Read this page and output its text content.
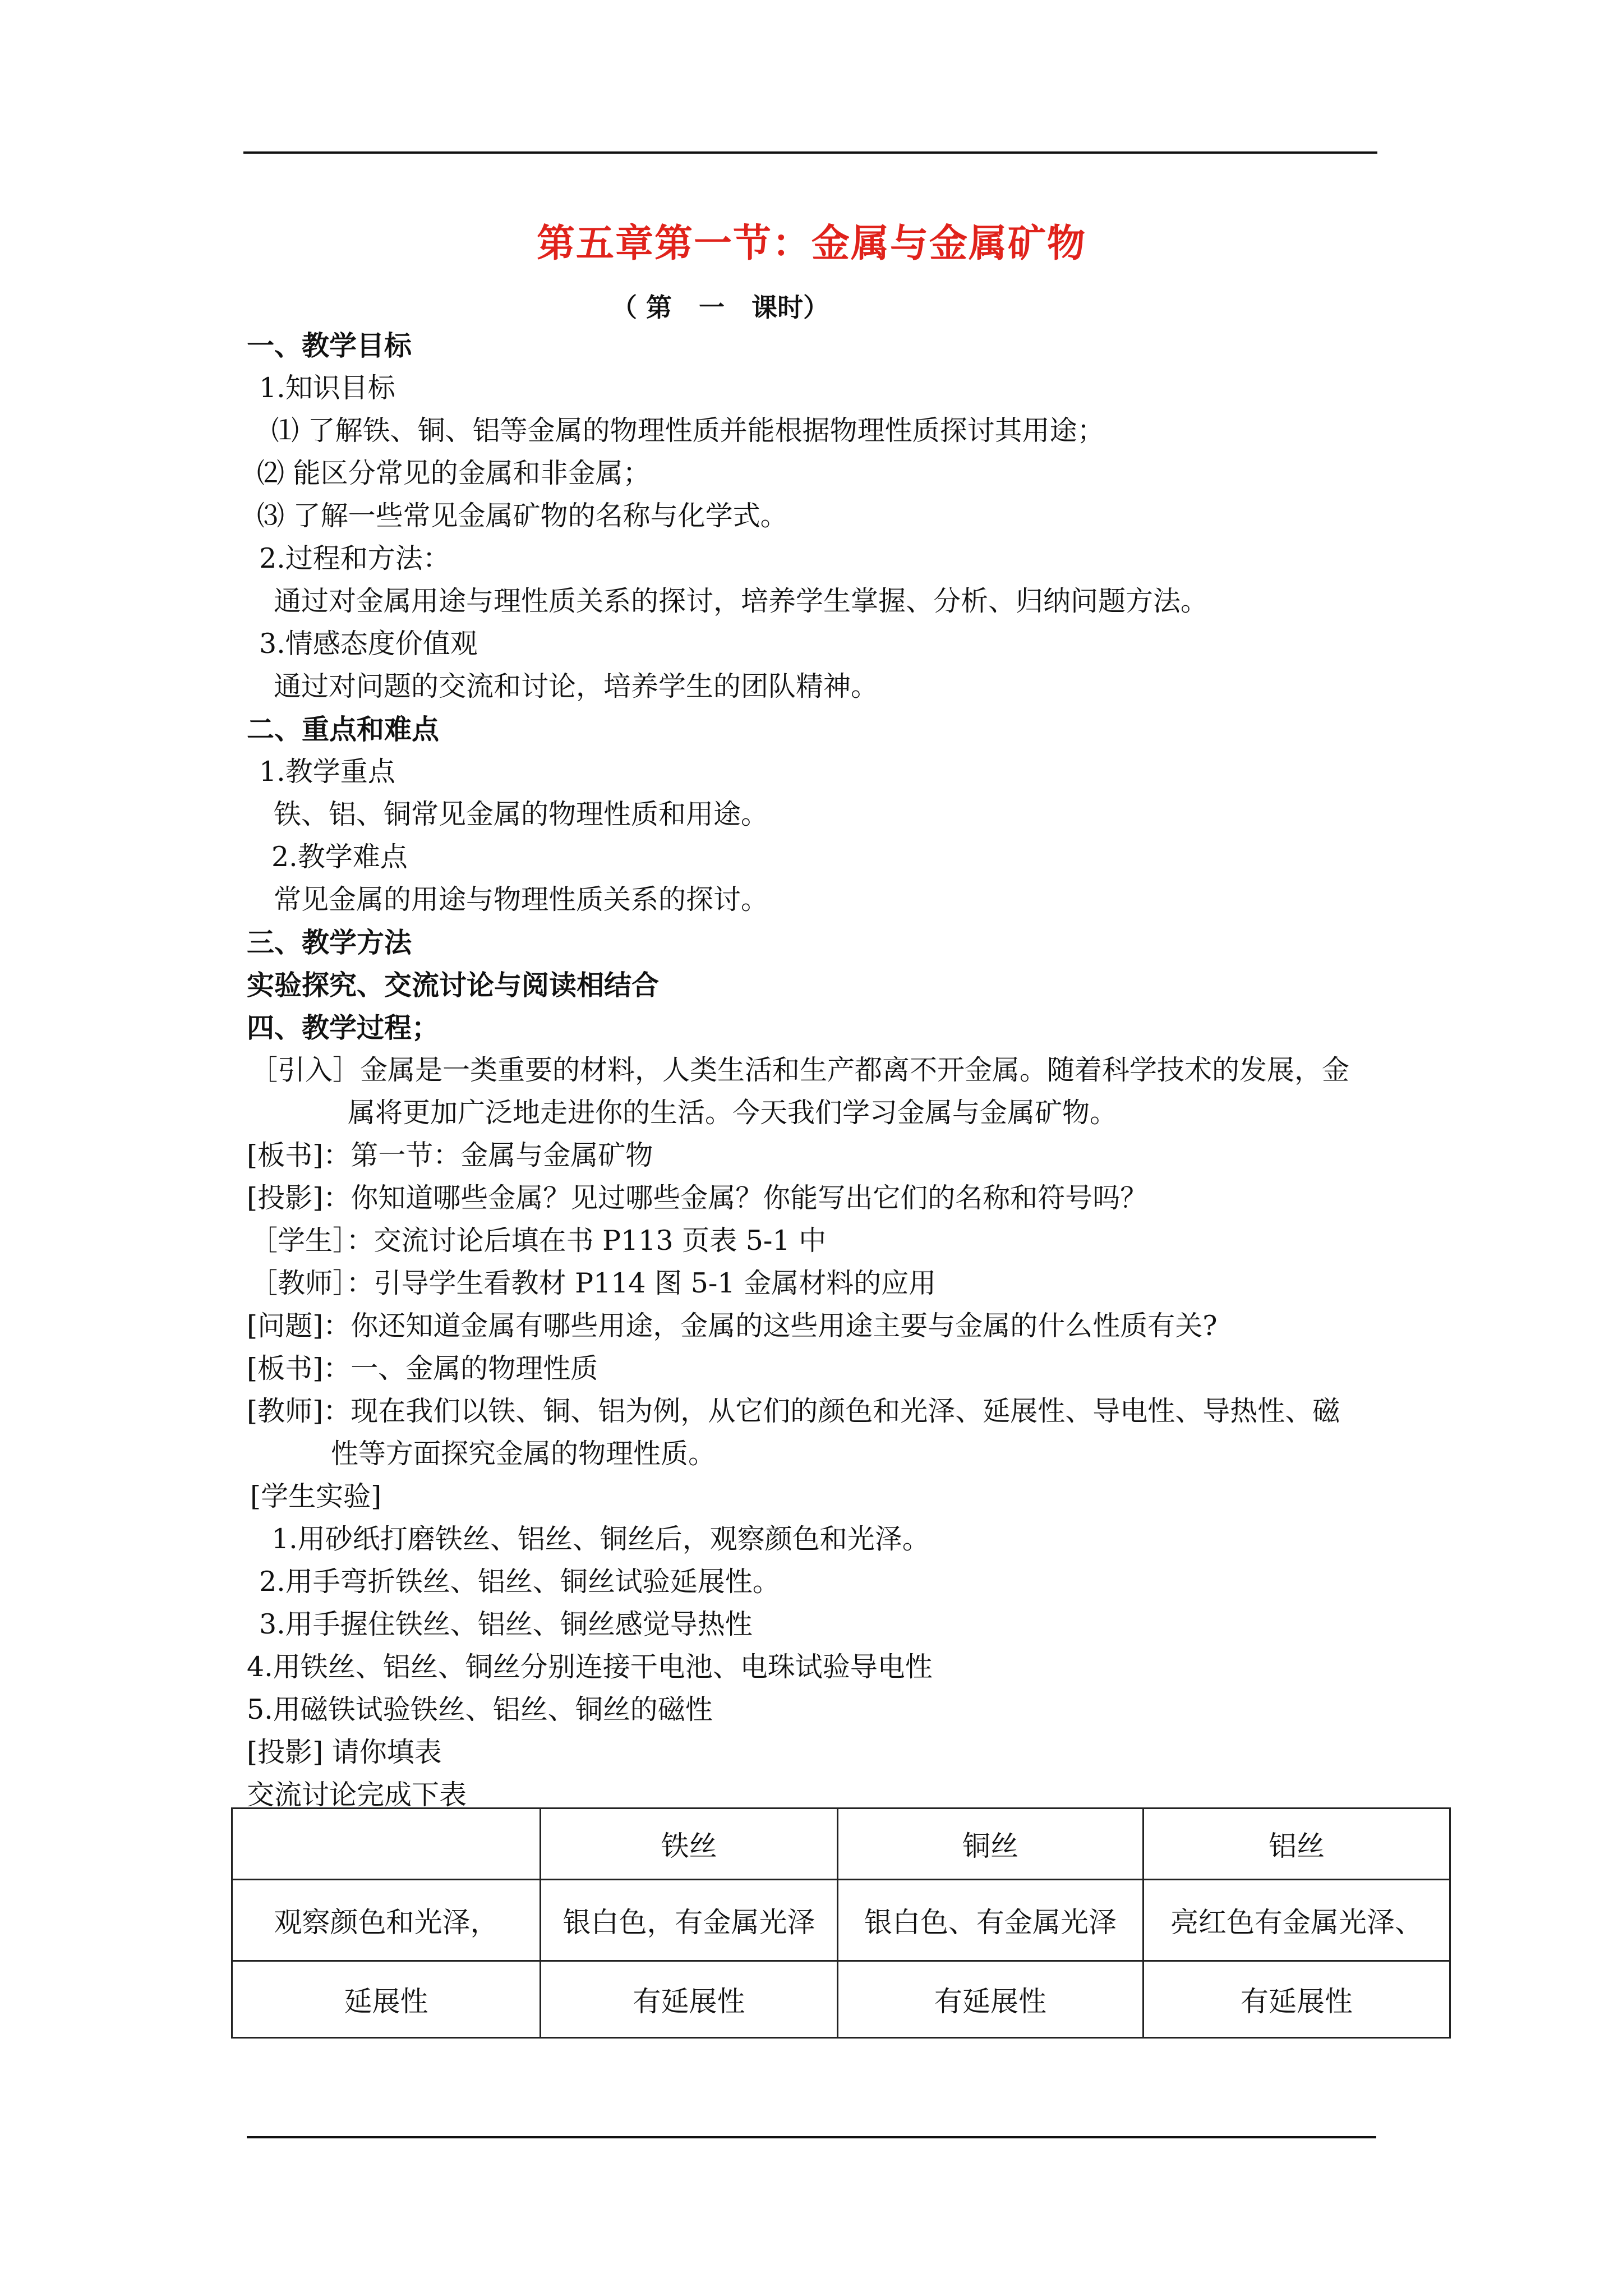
第五章第一节：金属与金属矿物
（ 第   一   课时）
一、教学目标
1.知识目标
⑴ 了解铁、铜、铝等金属的物理性质并能根据物理性质探讨其用途；
⑵ 能区分常见的金属和非金属；
⑶ 了解一些常见金属矿物的名称与化学式。
2.过程和方法：
通过对金属用途与理性质关系的探讨，培养学生掌握、分析、归纳问题方法。
3.情感态度价值观
通过对问题的交流和讨论，培养学生的团队精神。
二、重点和难点
1.教学重点
铁、铝、铜常见金属的物理性质和用途。
2.教学难点
常见金属的用途与物理性质关系的探讨。
三、教学方法
实验探究、交流讨论与阅读相结合
四、教学过程；
［引入］金属是一类重要的材料，人类生活和生产都离不开金属。随着科学技术的发展，金
属将更加广泛地走进你的生活。今天我们学习金属与金属矿物。
[板书]：第一节：金属与金属矿物
[投影]：你知道哪些金属？见过哪些金属？你能写出它们的名称和符号吗？
［学生］：交流讨论后填在书 P113 页表 5-1 中
［教师］：引导学生看教材 P114 图 5-1 金属材料的应用
[问题]：你还知道金属有哪些用途，金属的这些用途主要与金属的什么性质有关?
[板书]：一、金属的物理性质
[教师]：现在我们以铁、铜、铝为例，从它们的颜色和光泽、延展性、导电性、导热性、磁
性等方面探究金属的物理性质。
[学生实验]
1.用砂纸打磨铁丝、铝丝、铜丝后，观察颜色和光泽。
2.用手弯折铁丝、铝丝、铜丝试验延展性。
3.用手握住铁丝、铝丝、铜丝感觉导热性
4.用铁丝、铝丝、铜丝分别连接干电池、电珠试验导电性
5.用磁铁试验铁丝、铝丝、铜丝的磁性
[投影] 请你填表
交流讨论完成下表
	铁丝	铜丝	铝丝
观察颜色和光泽，	银白色，有金属光泽	银白色、有金属光泽	亮红色有金属光泽、
延展性	有延展性	有延展性	有延展性
